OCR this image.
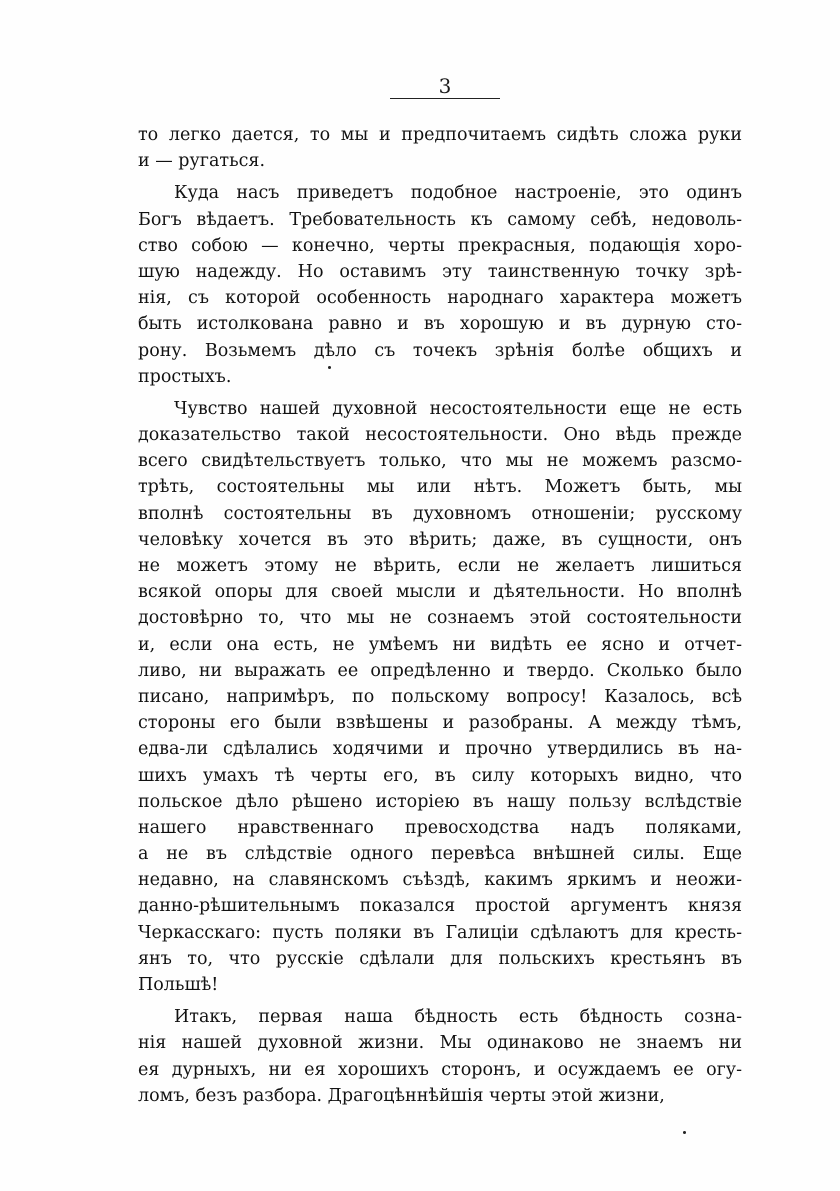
3
то легко дается, то мы и предпочитаемъ сидѣть сложа руки
и — ругаться.
Куда насъ приведетъ подобное настроеніе, это одинъ
Богъ вѣдаетъ. Требовательность къ самому себѣ, недоволь-
ство собою — конечно, черты прекрасныя, подающія хоро-
шую надежду. Но оставимъ эту таинственную точку зрѣ-
нія, съ которой особенность народнаго характера можетъ
быть истолкована равно и въ хорошую и въ дурную сто-
рону. Возьмемъ дѣло съ точекъ зрѣнія болѣе общихъ и
простыхъ.
Чувство нашей духовной несостоятельности еще не есть
доказательство такой несостоятельности. Оно вѣдь прежде
всего свидѣтельствуетъ только, что мы не можемъ разсмо-
трѣть, состоятельны мы или нѣтъ. Можетъ быть, мы
вполнѣ состоятельны въ духовномъ отношеніи; русскому
человѣку хочется въ это вѣрить; даже, въ сущности, онъ
не можетъ этому не вѣрить, если не желаетъ лишиться
всякой опоры для своей мысли и дѣятельности. Но вполнѣ
достовѣрно то, что мы не сознаемъ этой состоятельности
и, если она есть, не умѣемъ ни видѣть ее ясно и отчет-
ливо, ни выражать ее опредѣленно и твердо. Сколько было
писано, напримѣръ, по польскому вопросу! Казалось, всѣ
стороны его были взвѣшены и разобраны. А между тѣмъ,
едва-ли сдѣлались ходячими и прочно утвердились въ на-
шихъ умахъ тѣ черты его, въ силу которыхъ видно, что
польское дѣло рѣшено исторіею въ нашу пользу вслѣдствіе
нашего нравственнаго превосходства надъ поляками,
а не въ слѣдствіе одного перевѣса внѣшней силы. Еще
недавно, на славянскомъ съѣздѣ, какимъ яркимъ и неожи-
данно-рѣшительнымъ показался простой аргументъ князя
Черкасскаго: пусть поляки въ Галиціи сдѣлаютъ для кресть-
янъ то, что русскіе сдѣлали для польскихъ крестьянъ въ
Польшѣ!
Итакъ, первая наша бѣдность есть бѣдность созна-
нія нашей духовной жизни. Мы одинаково не знаемъ ни
ея дурныхъ, ни ея хорошихъ сторонъ, и осуждаемъ ее огу-
ломъ, безъ разбора. Драгоцѣннѣйшія черты этой жизни,
